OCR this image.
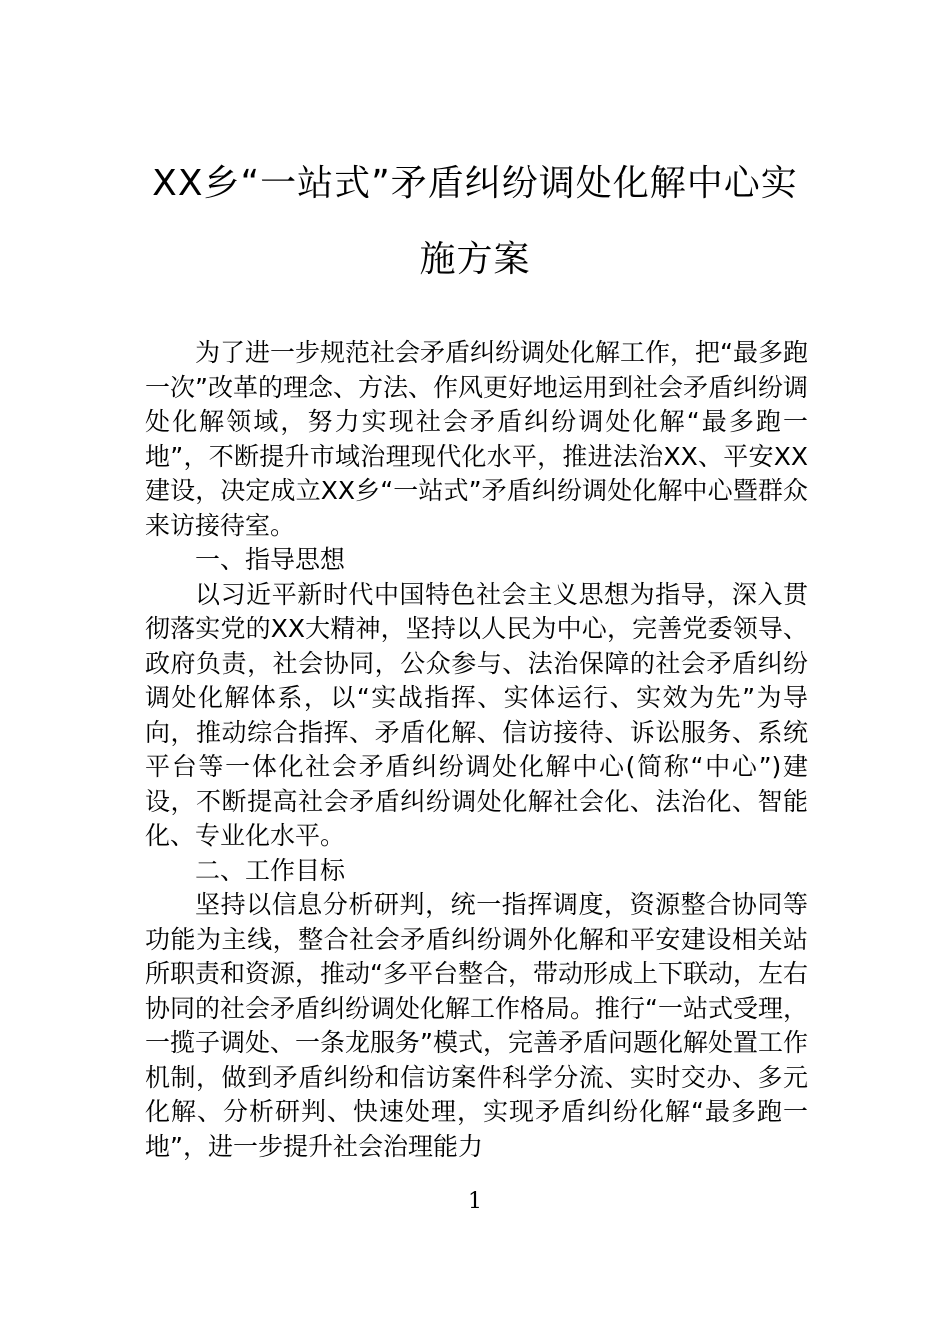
XX乡“一站式”矛盾纠纷调处化解中心实施方案

为了进一步规范社会矛盾纠纷调处化解工作，把“最多跑一次”改革的理念、方法、作风更好地运用到社会矛盾纠纷调处化解领域，努力实现社会矛盾纠纷调处化解“最多跑一地”，不断提升市域治理现代化水平，推进法治XX、平安XX建设，决定成立XX乡“一站式”矛盾纠纷调处化解中心暨群众来访接待室。

一、指导思想

以习近平新时代中国特色社会主义思想为指导，深入贯彻落实党的XX大精神，坚持以人民为中心，完善党委领导、政府负责，社会协同，公众参与、法治保障的社会矛盾纠纷调处化解体系，以“实战指挥、实体运行、实效为先”为导向，推动综合指挥、矛盾化解、信访接待、诉讼服务、系统平台等一体化社会矛盾纠纷调处化解中心(简称“中心”)建设，不断提高社会矛盾纠纷调处化解社会化、法治化、智能化、专业化水平。

二、工作目标

坚持以信息分析研判，统一指挥调度，资源整合协同等功能为主线，整合社会矛盾纠纷调外化解和平安建设相关站所职责和资源，推动“多平台整合，带动形成上下联动，左右协同的社会矛盾纠纷调处化解工作格局。推行“一站式受理，一揽子调处、一条龙服务”模式，完善矛盾问题化解处置工作机制，做到矛盾纠纷和信访案件科学分流、实时交办、多元化解、分析研判、快速处理，实现矛盾纠纷化解“最多跑一地”，进一步提升社会治理能力

1
